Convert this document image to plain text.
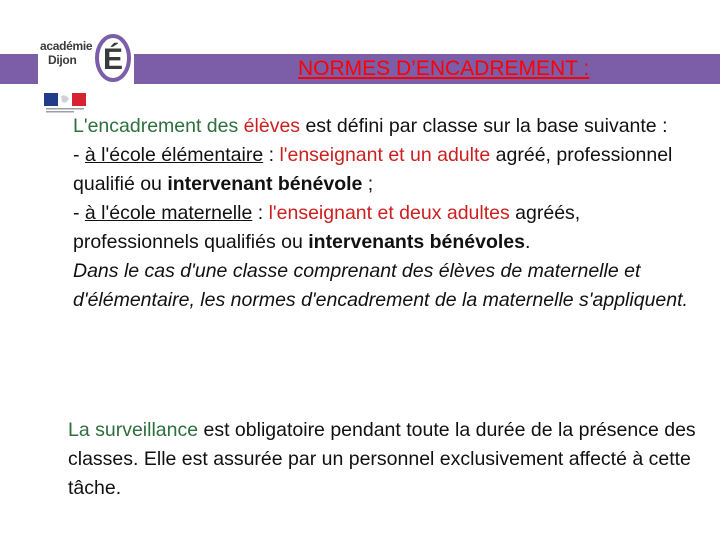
NORMES D’ENCADREMENT :
académie
Dijon É

L'encadrement des élèves est défini par classe sur la base suivante :

- à l'école élémentaire : l'enseignant et un adulte agréé, professionnel qualifié ou intervenant bénévole ;

- à l'école maternelle : l'enseignant et deux adultes agréés, professionnels qualifiés ou intervenants bénévoles.

Dans le cas d'une classe comprenant des élèves de maternelle et d'élémentaire, les normes d'encadrement de la maternelle s'appliquent.

La surveillance est obligatoire pendant toute la durée de la présence des classes. Elle est assurée par un personnel exclusivement affecté à cette tâche.
